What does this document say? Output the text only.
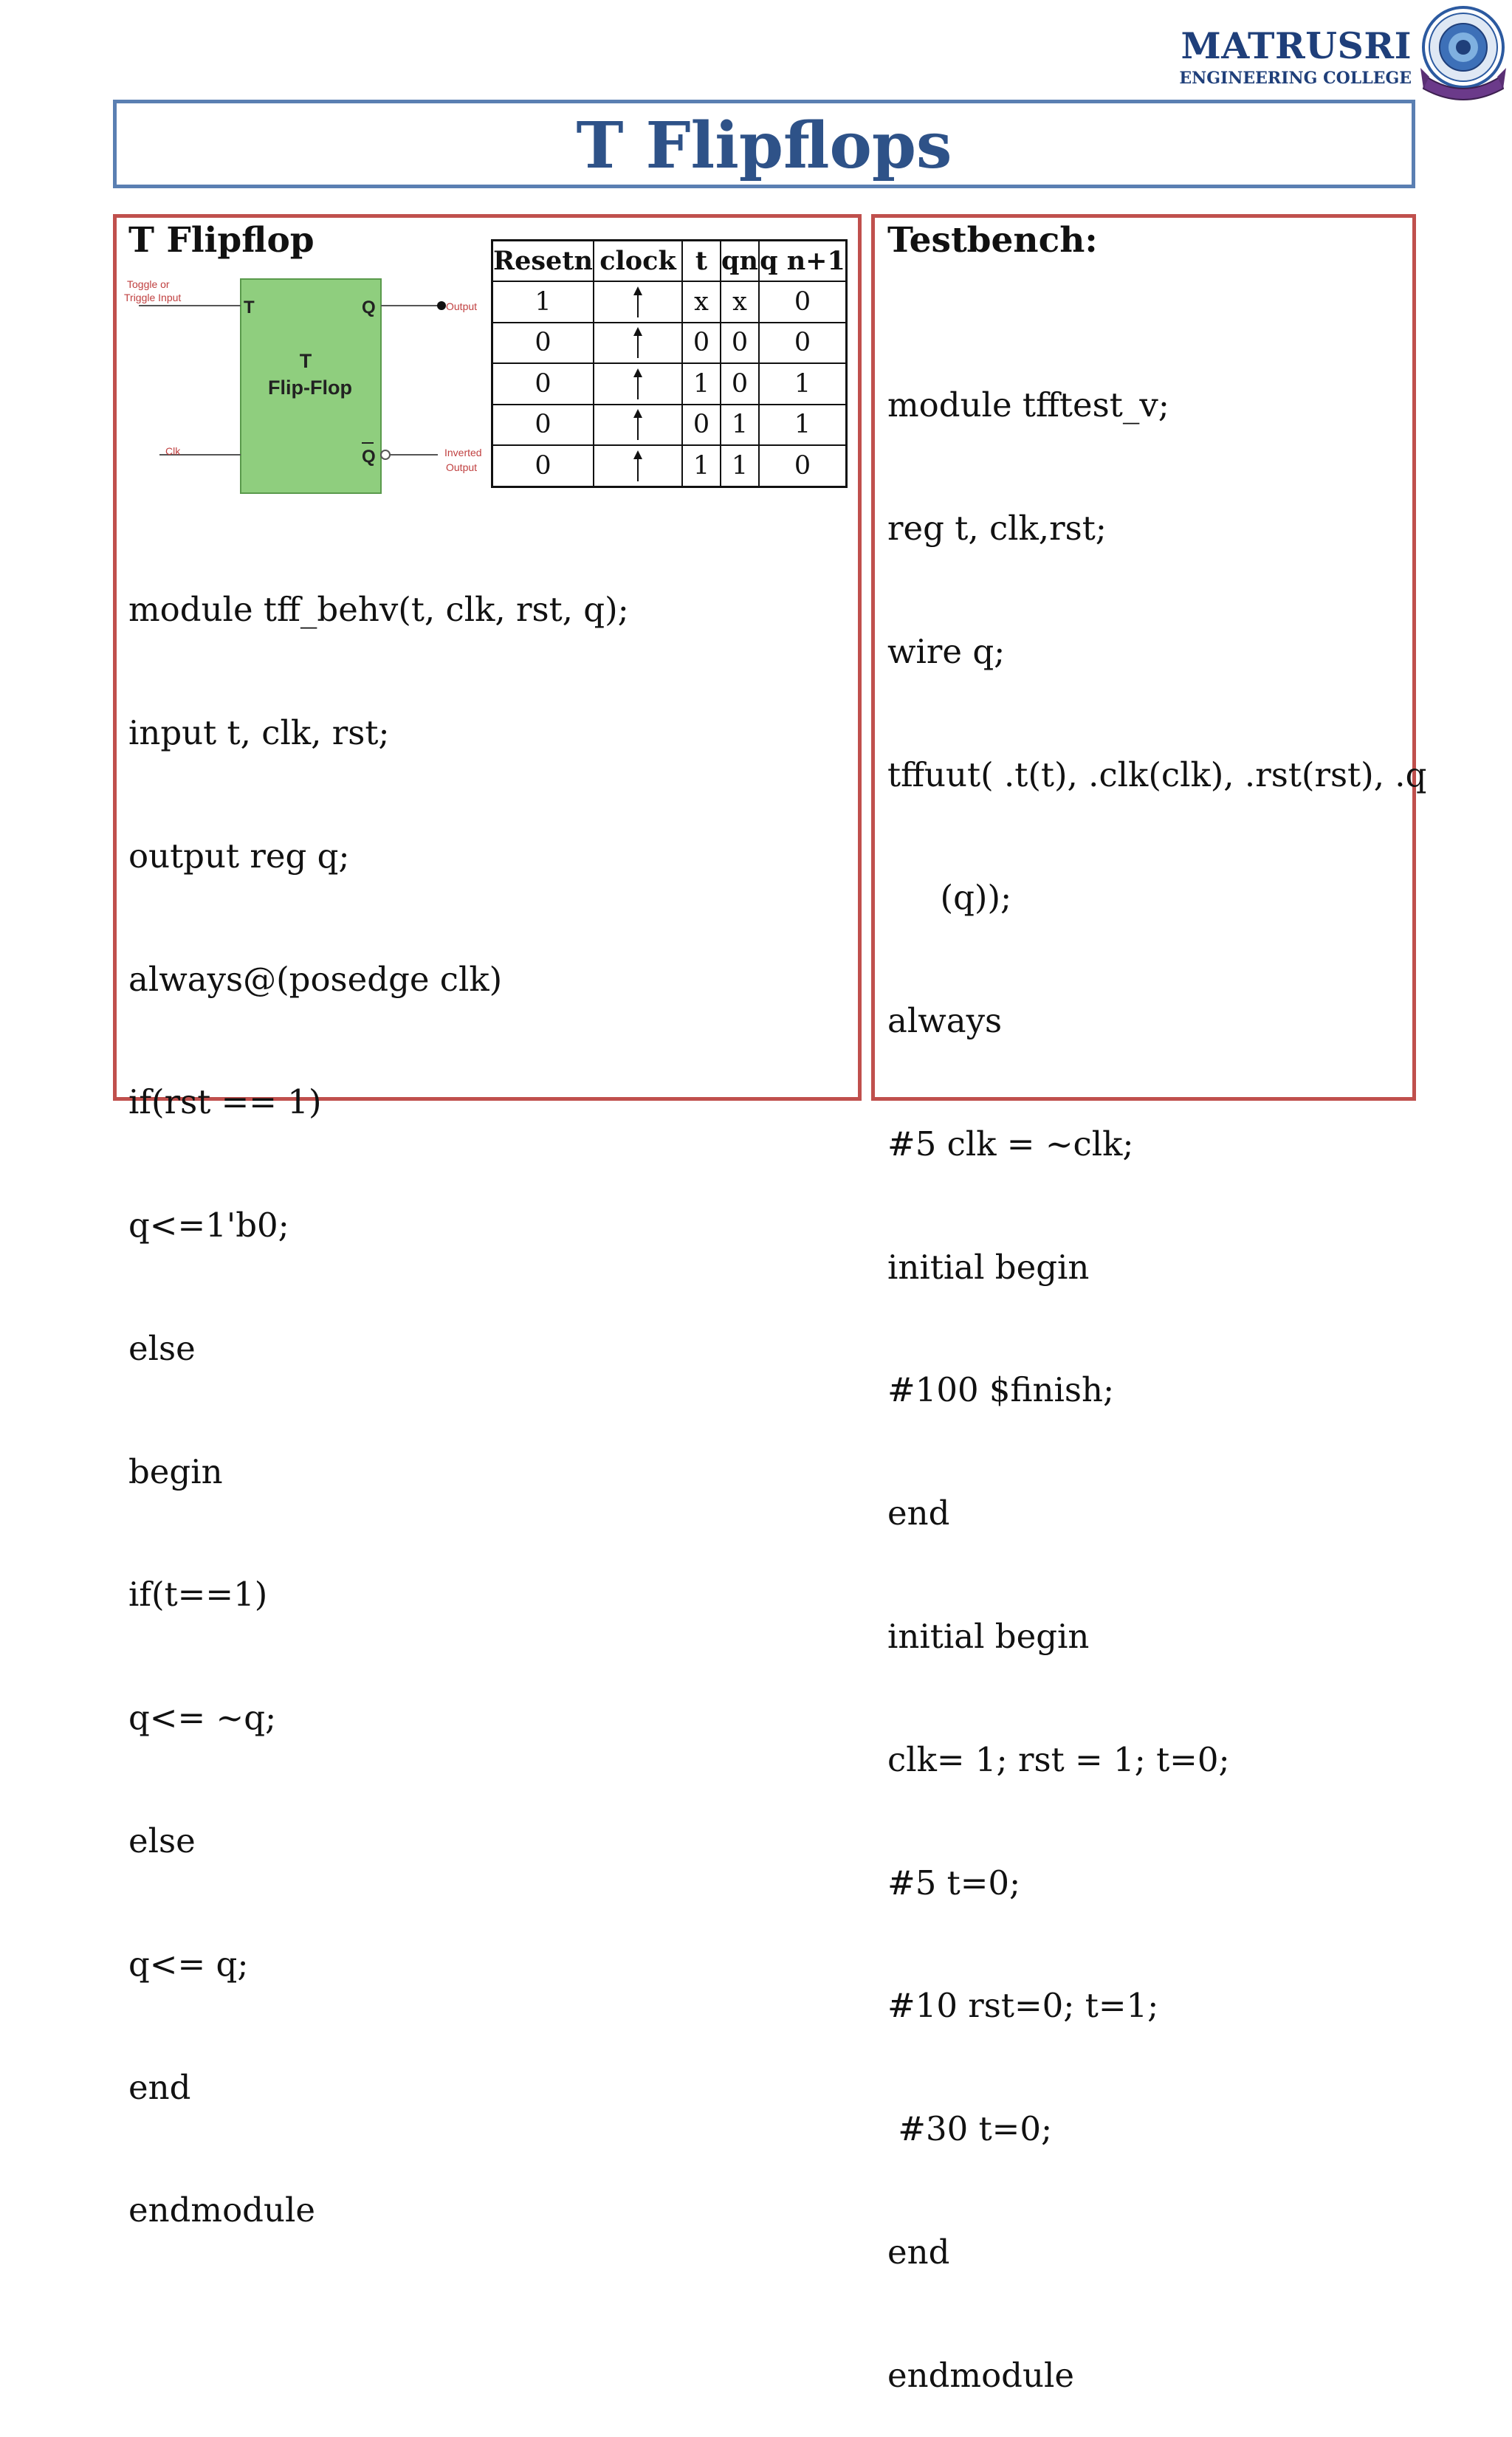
MATRUSRI
ENGINEERING COLLEGE
T Flipflops
T Flipflop	Testbench:
Toggle or
Triggle Input
Output
Clk	Inverted
Output
T	Q
Q
T
Flip-Flop
Resetn	clock	t	qn	q n+1
1		x	x	0
0		0	0	0
0		1	0	1
0		0	1	1
0		1	1	0

module tff_behv(t, clk, rst, q);

input t, clk, rst;

output reg q;

always@(posedge clk)

if(rst == 1)

q<=1'b0;

else

begin

if(t==1)

q<= ~q;

else

q<= q;

end

endmodule

module tfftest_v;

reg t, clk,rst;

wire q;

tffuut( .t(t), .clk(clk), .rst(rst), .q

(q));

always

#5 clk = ~clk;

initial begin

#100 $finish;

end

initial begin

clk= 1; rst = 1; t=0;

#5 t=0;

#10 rst=0; t=1;

#30 t=0;

end

endmodule
